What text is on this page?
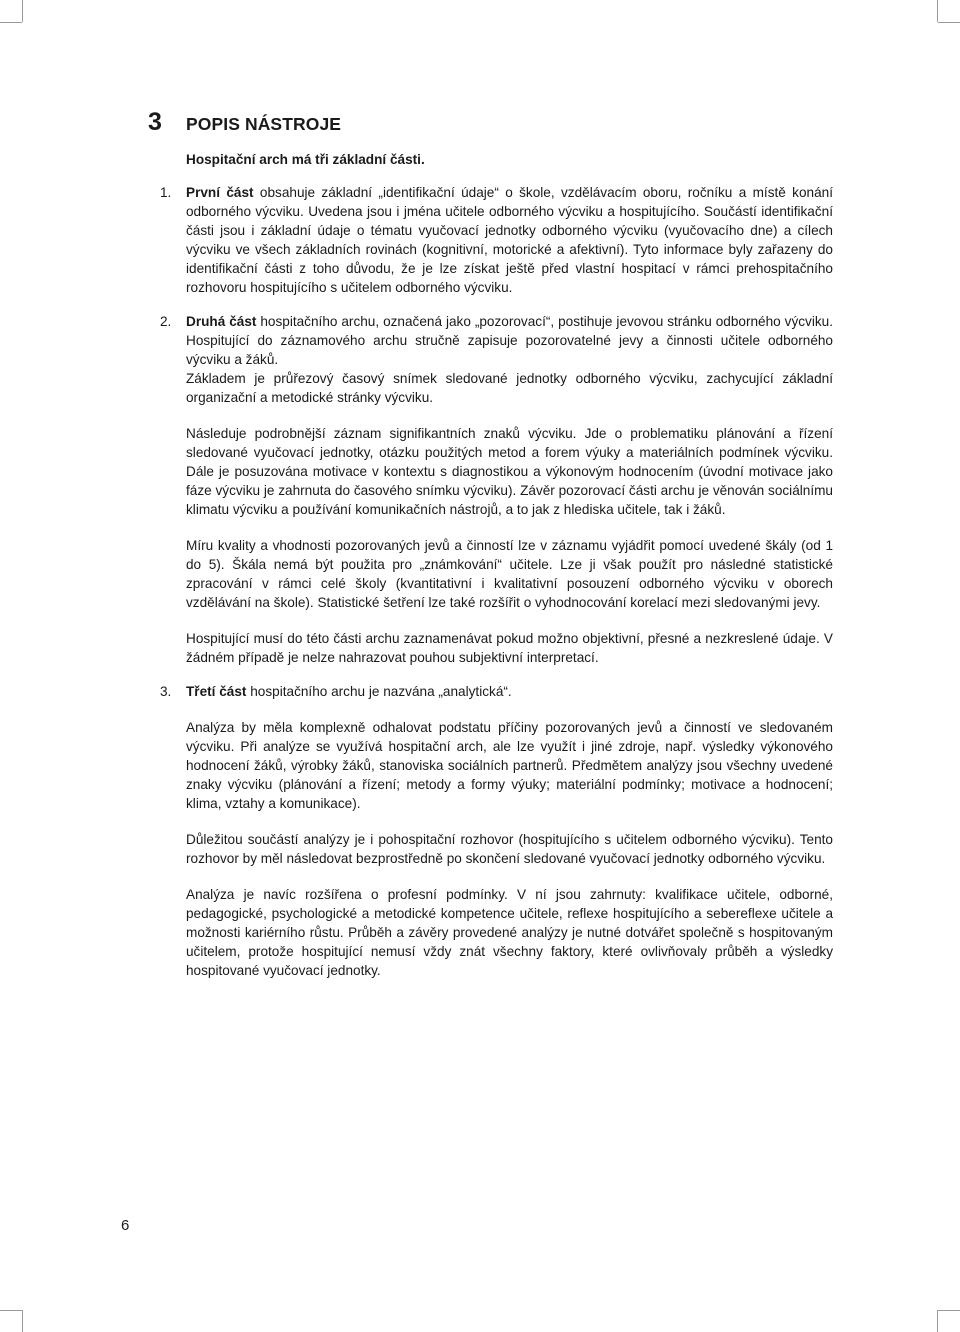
3	POPIS NÁSTROJE

Hospitační arch má tři základní části.

1. První část obsahuje základní „identifikační údaje“ o škole, vzdělávacím oboru, ročníku a místě konání odborného výcviku. Uvedena jsou i jména učitele odborného výcviku a hospitujícího. Součástí identifikační části jsou i základní údaje o tématu vyučovací jednotky odborného výcviku (vyučovacího dne) a cílech výcviku ve všech základních rovinách (kognitivní, motorické a afektivní). Tyto informace byly zařazeny do identifikační části z toho důvodu, že je lze získat ještě před vlastní hospitací v rámci prehospitačního rozhovoru hospitujícího s učitelem odborného výcviku.

2. Druhá část hospitačního archu, označená jako „pozorovací“, postihuje jevovou stránku odborného výcviku. Hospitující do záznamového archu stručně zapisuje pozorovatelné jevy a činnosti učitele odborného výcviku a žáků.

Základem je průřezový časový snímek sledované jednotky odborného výcviku, zachycující základní organizační a metodické stránky výcviku.

Následuje podrobnější záznam signifikantních znaků výcviku. Jde o problematiku plánování a řízení sledované vyučovací jednotky, otázku použitých metod a forem výuky a materiálních podmínek výcviku. Dále je posuzována motivace v kontextu s diagnostikou a výkonovým hodnocením (úvodní motivace jako fáze výcviku je zahrnuta do časového snímku výcviku). Závěr pozorovací části archu je věnován sociálnímu klimatu výcviku a používání komunikačních nástrojů, a to jak z hlediska učitele, tak i žáků.

Míru kvality a vhodnosti pozorovaných jevů a činností lze v záznamu vyjádřit pomocí uvedené škály (od 1 do 5). Škála nemá být použita pro „známkování“ učitele. Lze ji však použít pro následné statistické zpracování v rámci celé školy (kvantitativní i kvalitativní posouzení odborného výcviku v oborech vzdělávání na škole). Statistické šetření lze také rozšířit o vyhodnocování korelací mezi sledovanými jevy.

Hospitující musí do této části archu zaznamenávat pokud možno objektivní, přesné a nezkreslené údaje. V žádném případě je nelze nahrazovat pouhou subjektivní interpretací.

3. Třetí část hospitačního archu je nazvána „analytická“.

Analýza by měla komplexně odhalovat podstatu příčiny pozorovaných jevů a činností ve sledovaném výcviku. Při analýze se využívá hospitační arch, ale lze využít i jiné zdroje, např. výsledky výkonového hodnocení žáků, výrobky žáků, stanoviska sociálních partnerů. Předmětem analýzy jsou všechny uvedené znaky výcviku (plánování a řízení; metody a formy výuky; materiální podmínky; motivace a hodnocení; klima, vztahy a komunikace).

Důležitou součástí analýzy je i pohospitační rozhovor (hospitujícího s učitelem odborného výcviku). Tento rozhovor by měl následovat bezprostředně po skončení sledované vyučovací jednotky odborného výcviku.

Analýza je navíc rozšířena o profesní podmínky. V ní jsou zahrnuty: kvalifikace učitele, odborné, pedagogické, psychologické a metodické kompetence učitele, reflexe hospitujícího a sebereflexe učitele a možnosti kariérního růstu. Průběh a závěry provedené analýzy je nutné dotvářet společně s hospitovaným učitelem, protože hospitující nemusí vždy znát všechny faktory, které ovlivňovaly průběh a výsledky hospitované vyučovací jednotky.

6
